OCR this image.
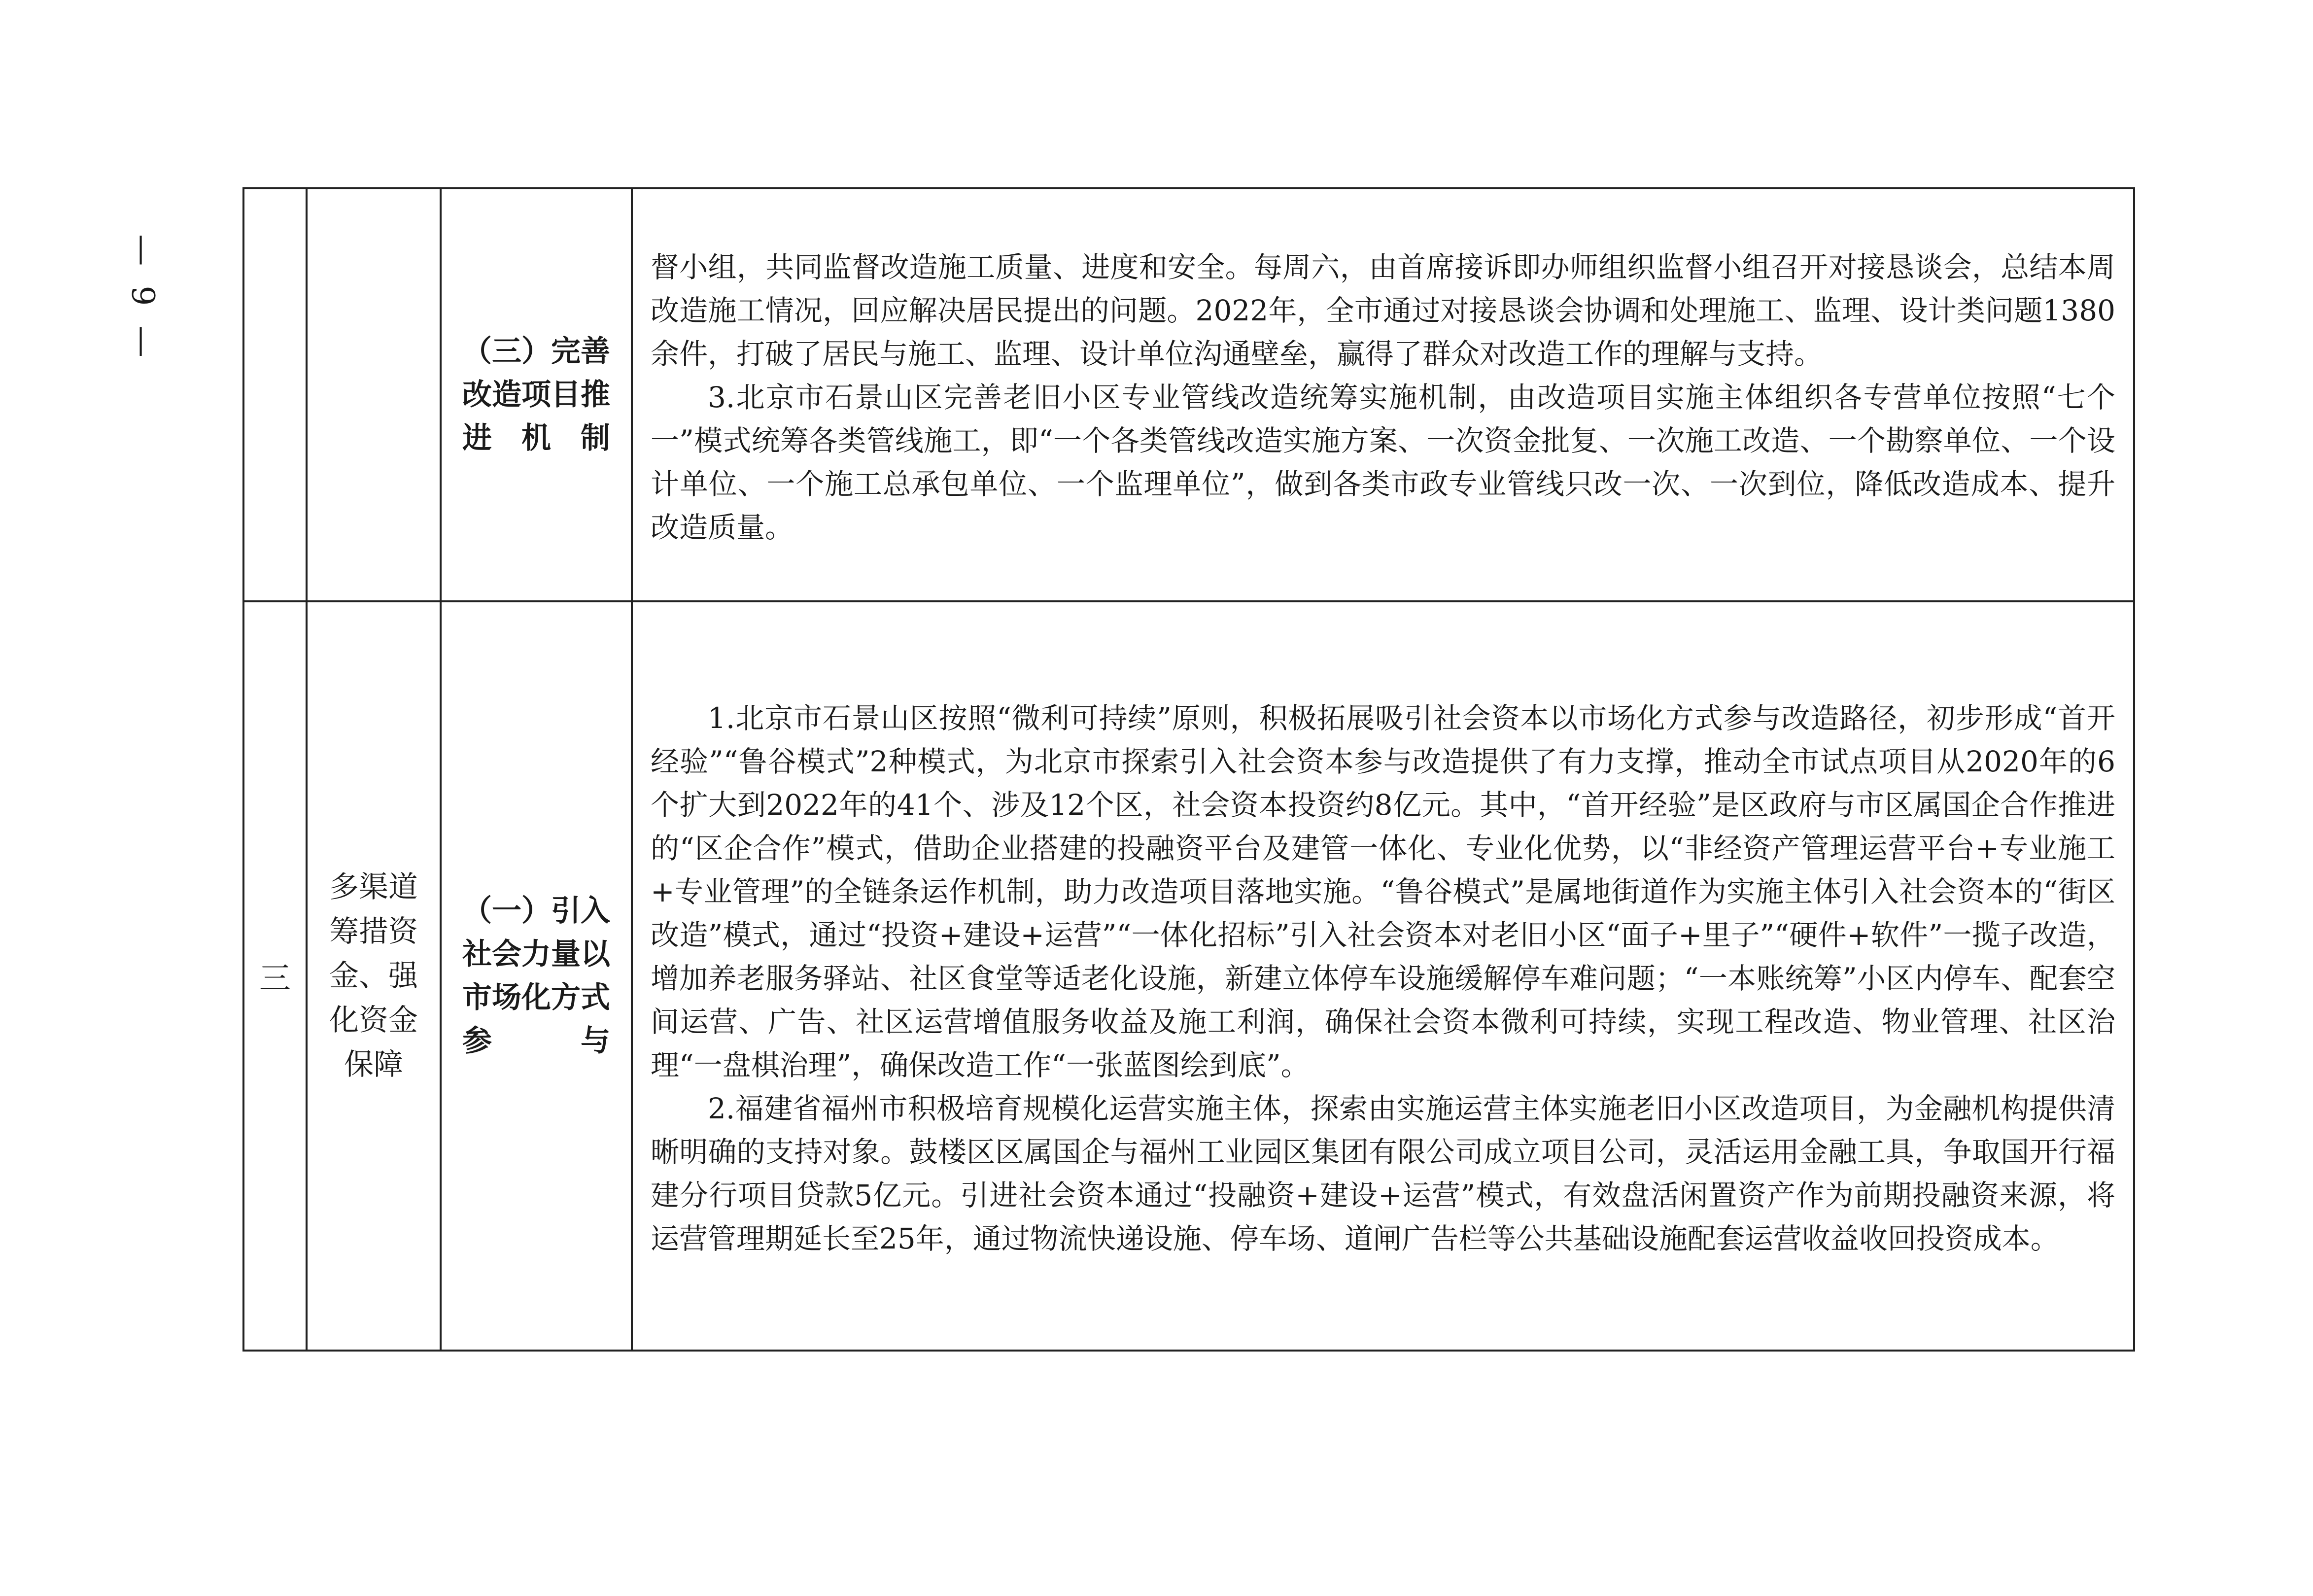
— 9 —

		（三）完善改造项目推进机制	督小组，共同监督改造施工质量、进度和安全。每周六，由首席接诉即办师组织监督小组召开对接恳谈会，总结本周改造施工情况，回应解决居民提出的问题。2022年，全市通过对接恳谈会协调和处理施工、监理、设计类问题1380余件，打破了居民与施工、监理、设计单位沟通壁垒，赢得了群众对改造工作的理解与支持。

3.北京市石景山区完善老旧小区专业管线改造统筹实施机制，由改造项目实施主体组织各专营单位按照“七个一”模式统筹各类管线施工，即“一个各类管线改造实施方案、一次资金批复、一次施工改造、一个勘察单位、一个设计单位、一个施工总承包单位、一个监理单位”，做到各类市政专业管线只改一次、一次到位，降低改造成本、提升改造质量。

三	多渠道筹措资金、强化资金保障	（一）引入社会力量以市场化方式参与	1.北京市石景山区按照“微利可持续”原则，积极拓展吸引社会资本以市场化方式参与改造路径，初步形成“首开经验”“鲁谷模式”2种模式，为北京市探索引入社会资本参与改造提供了有力支撑，推动全市试点项目从2020年的6个扩大到2022年的41个、涉及12个区，社会资本投资约8亿元。其中，“首开经验”是区政府与市区属国企合作推进的“区企合作”模式，借助企业搭建的投融资平台及建管一体化、专业化优势，以“非经资产管理运营平台+专业施工+专业管理”的全链条运作机制，助力改造项目落地实施。“鲁谷模式”是属地街道作为实施主体引入社会资本的“街区改造”模式，通过“投资+建设+运营”“一体化招标”引入社会资本对老旧小区“面子+里子”“硬件+软件”一揽子改造，增加养老服务驿站、社区食堂等适老化设施，新建立体停车设施缓解停车难问题；“一本账统筹”小区内停车、配套空间运营、广告、社区运营增值服务收益及施工利润，确保社会资本微利可持续，实现工程改造、物业管理、社区治理“一盘棋治理”，确保改造工作“一张蓝图绘到底”。

2.福建省福州市积极培育规模化运营实施主体，探索由实施运营主体实施老旧小区改造项目，为金融机构提供清晰明确的支持对象。鼓楼区区属国企与福州工业园区集团有限公司成立项目公司，灵活运用金融工具，争取国开行福建分行项目贷款5亿元。引进社会资本通过“投融资+建设+运营”模式，有效盘活闲置资产作为前期投融资来源，将运营管理期延长至25年，通过物流快递设施、停车场、道闸广告栏等公共基础设施配套运营收益收回投资成本。
